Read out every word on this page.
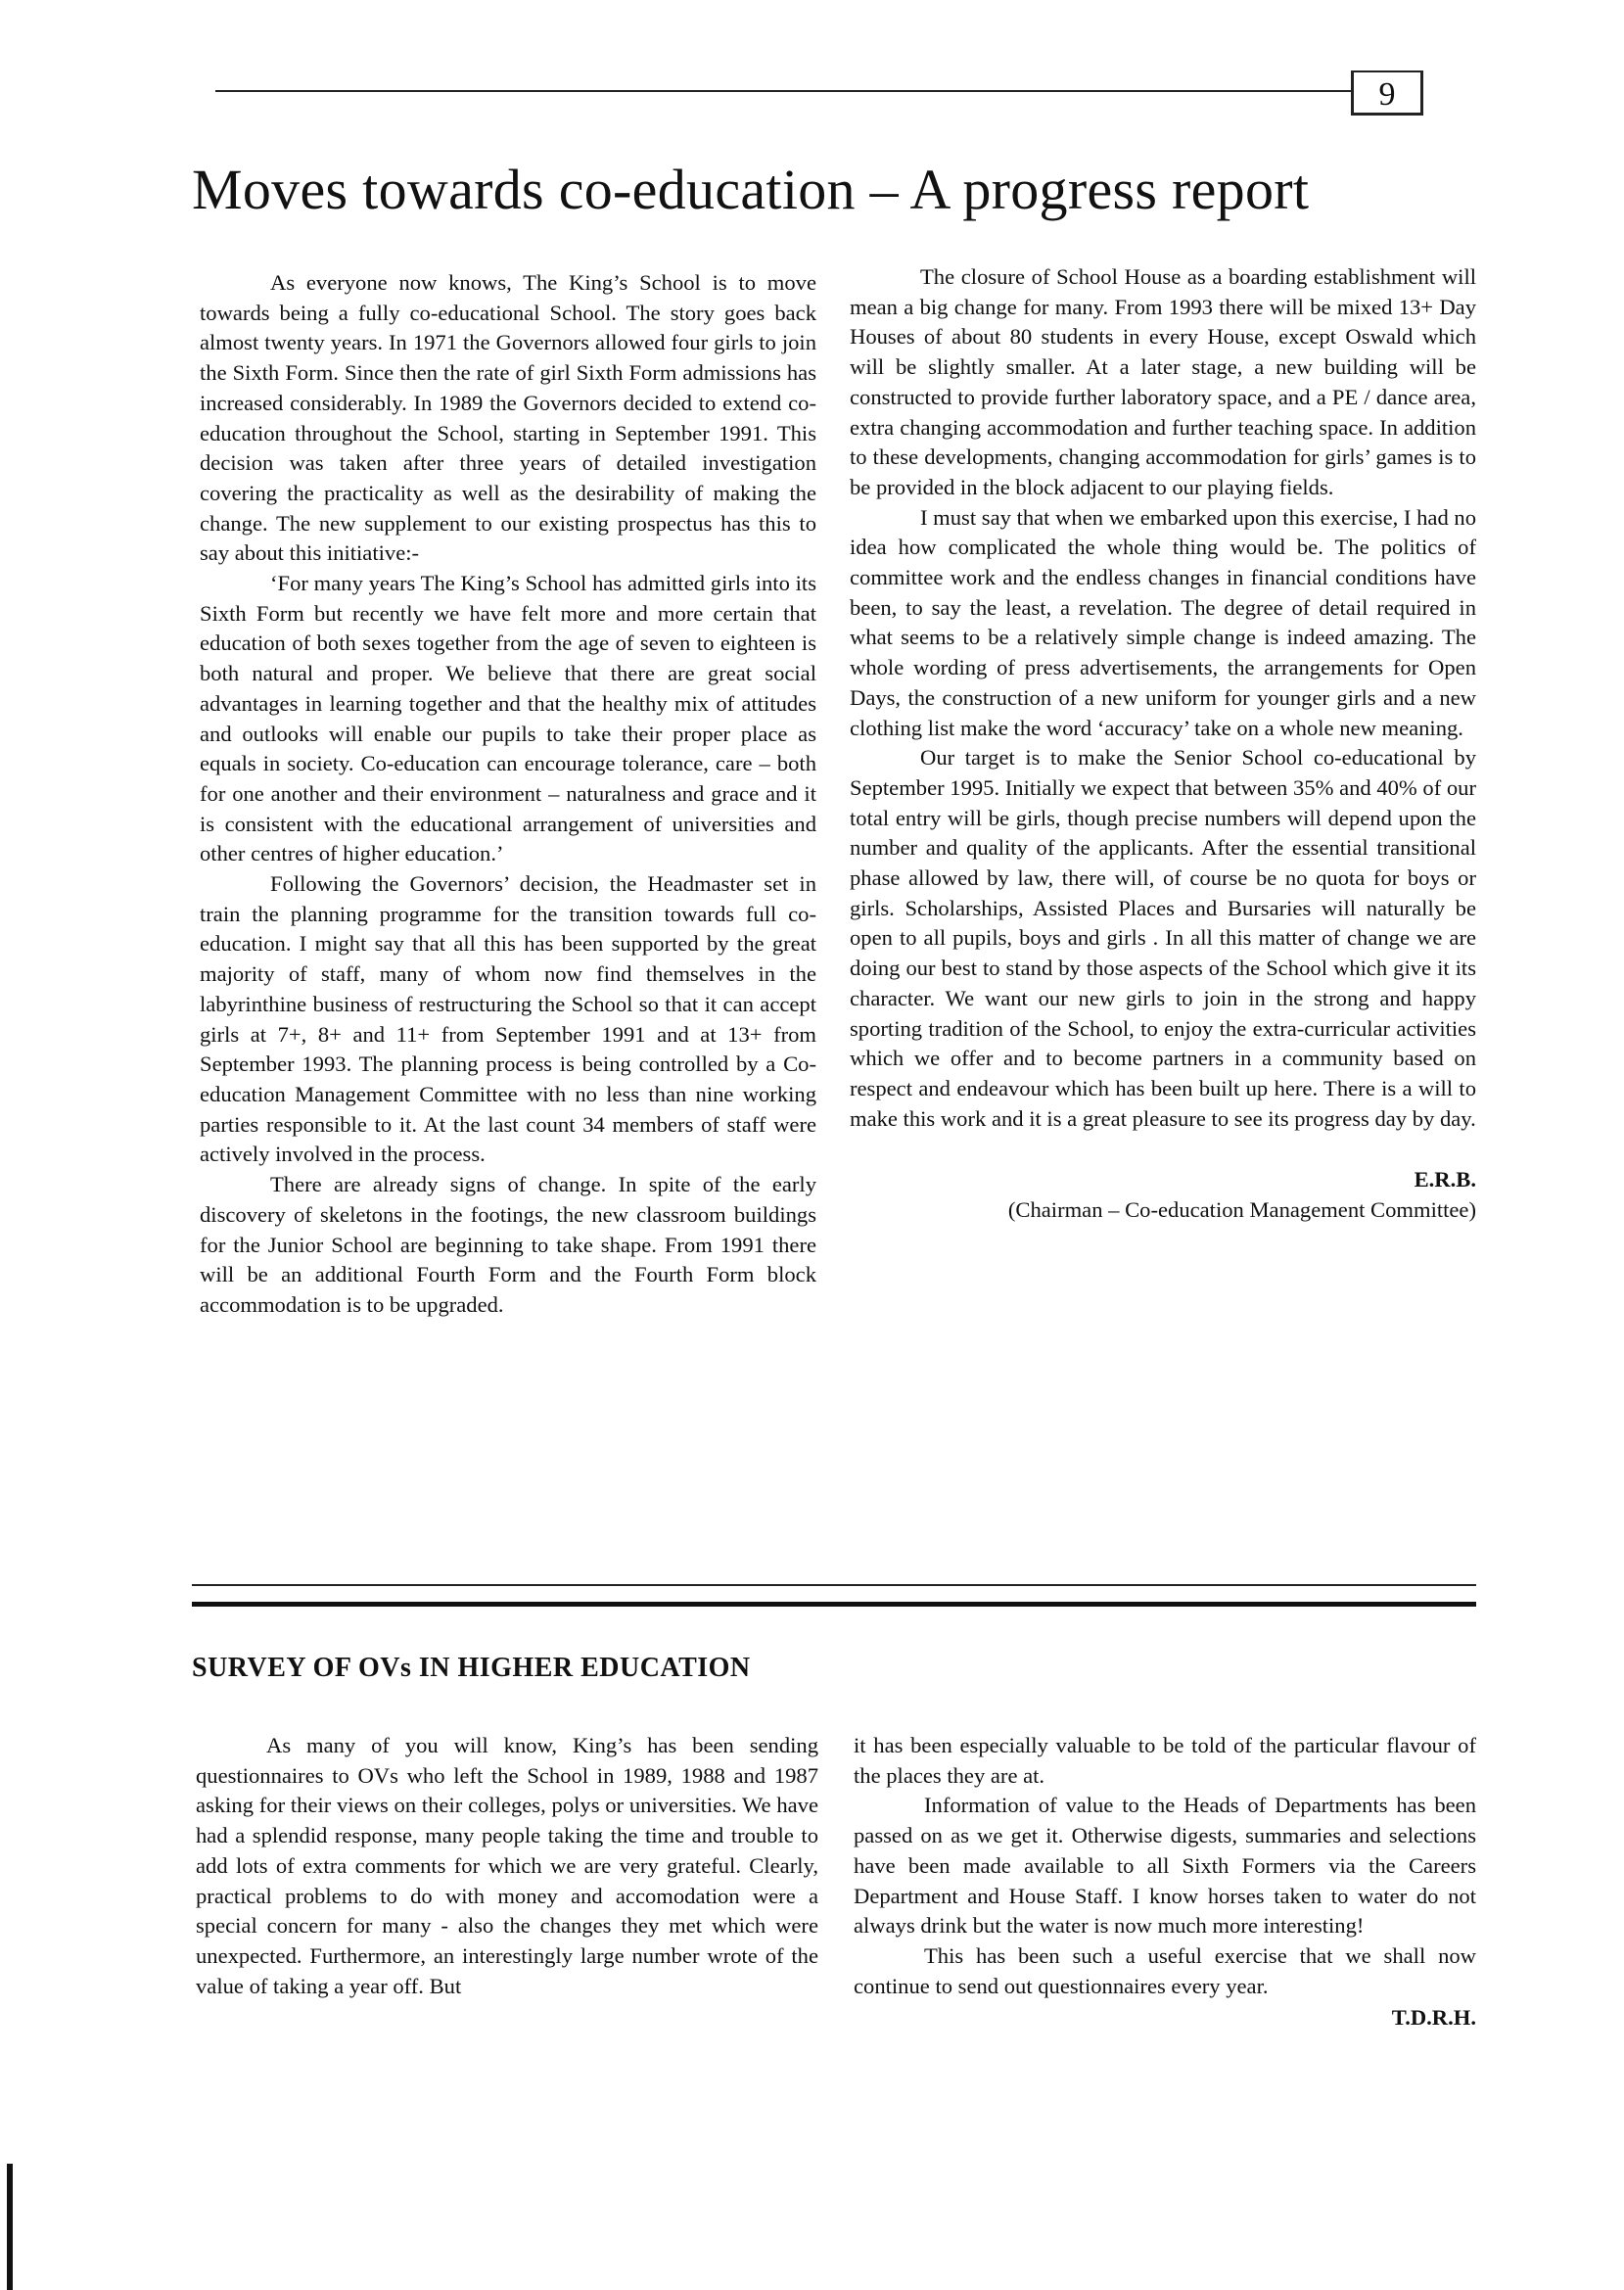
9
Moves towards co-education – A progress report

As everyone now knows, The King’s School is to move towards being a fully co-educational School. The story goes back almost twenty years. In 1971 the Governors allowed four girls to join the Sixth Form. Since then the rate of girl Sixth Form admissions has increased considerably. In 1989 the Governors decided to extend co-education throughout the School, starting in September 1991. This decision was taken after three years of detailed investigation covering the practicality as well as the desirability of making the change. The new supplement to our existing prospectus has this to say about this initiative:-

‘For many years The King’s School has admitted girls into its Sixth Form but recently we have felt more and more certain that education of both sexes together from the age of seven to eighteen is both natural and proper. We believe that there are great social advantages in learning together and that the healthy mix of attitudes and outlooks will enable our pupils to take their proper place as equals in society. Co-education can encourage tolerance, care – both for one another and their environment – naturalness and grace and it is consistent with the educational arrangement of universities and other centres of higher education.’

Following the Governors’ decision, the Headmaster set in train the planning programme for the transition towards full co-education. I might say that all this has been supported by the great majority of staff, many of whom now find themselves in the labyrinthine business of restructuring the School so that it can accept girls at 7+, 8+ and 11+ from September 1991 and at 13+ from September 1993. The planning process is being controlled by a Co-education Management Committee with no less than nine working parties responsible to it. At the last count 34 members of staff were actively involved in the process.

There are already signs of change. In spite of the early discovery of skeletons in the footings, the new classroom buildings for the Junior School are beginning to take shape. From 1991 there will be an additional Fourth Form and the Fourth Form block accommodation is to be upgraded.

The closure of School House as a boarding establishment will mean a big change for many. From 1993 there will be mixed 13+ Day Houses of about 80 students in every House, except Oswald which will be slightly smaller. At a later stage, a new building will be constructed to provide further laboratory space, and a PE / dance area, extra changing accommodation and further teaching space. In addition to these developments, changing accommodation for girls’ games is to be provided in the block adjacent to our playing fields.

I must say that when we embarked upon this exercise, I had no idea how complicated the whole thing would be. The politics of committee work and the endless changes in financial conditions have been, to say the least, a revelation. The degree of detail required in what seems to be a relatively simple change is indeed amazing. The whole wording of press advertisements, the arrangements for Open Days, the construction of a new uniform for younger girls and a new clothing list make the word ‘accuracy’ take on a whole new meaning.

Our target is to make the Senior School co-educational by September 1995. Initially we expect that between 35% and 40% of our total entry will be girls, though precise numbers will depend upon the number and quality of the applicants. After the essential transitional phase allowed by law, there will, of course be no quota for boys or girls. Scholarships, Assisted Places and Bursaries will naturally be open to all pupils, boys and girls . In all this matter of change we are doing our best to stand by those aspects of the School which give it its character. We want our new girls to join in the strong and happy sporting tradition of the School, to enjoy the extra-curricular activities which we offer and to become partners in a community based on respect and endeavour which has been built up here. There is a will to make this work and it is a great pleasure to see its progress day by day.

E.R.B.

(Chairman – Co-education Management Committee)

SURVEY OF OVs IN HIGHER EDUCATION

As many of you will know, King’s has been sending questionnaires to OVs who left the School in 1989, 1988 and 1987 asking for their views on their colleges, polys or universities. We have had a splendid response, many people taking the time and trouble to add lots of extra comments for which we are very grateful. Clearly, practical problems to do with money and accomodation were a special concern for many - also the changes they met which were unexpected. Furthermore, an interestingly large number wrote of the value of taking a year off. But

it has been especially valuable to be told of the particular flavour of the places they are at.

Information of value to the Heads of Departments has been passed on as we get it. Otherwise digests, summaries and selections have been made available to all Sixth Formers via the Careers Department and House Staff. I know horses taken to water do not always drink but the water is now much more interesting!

This has been such a useful exercise that we shall now continue to send out questionnaires every year.

T.D.R.H.
